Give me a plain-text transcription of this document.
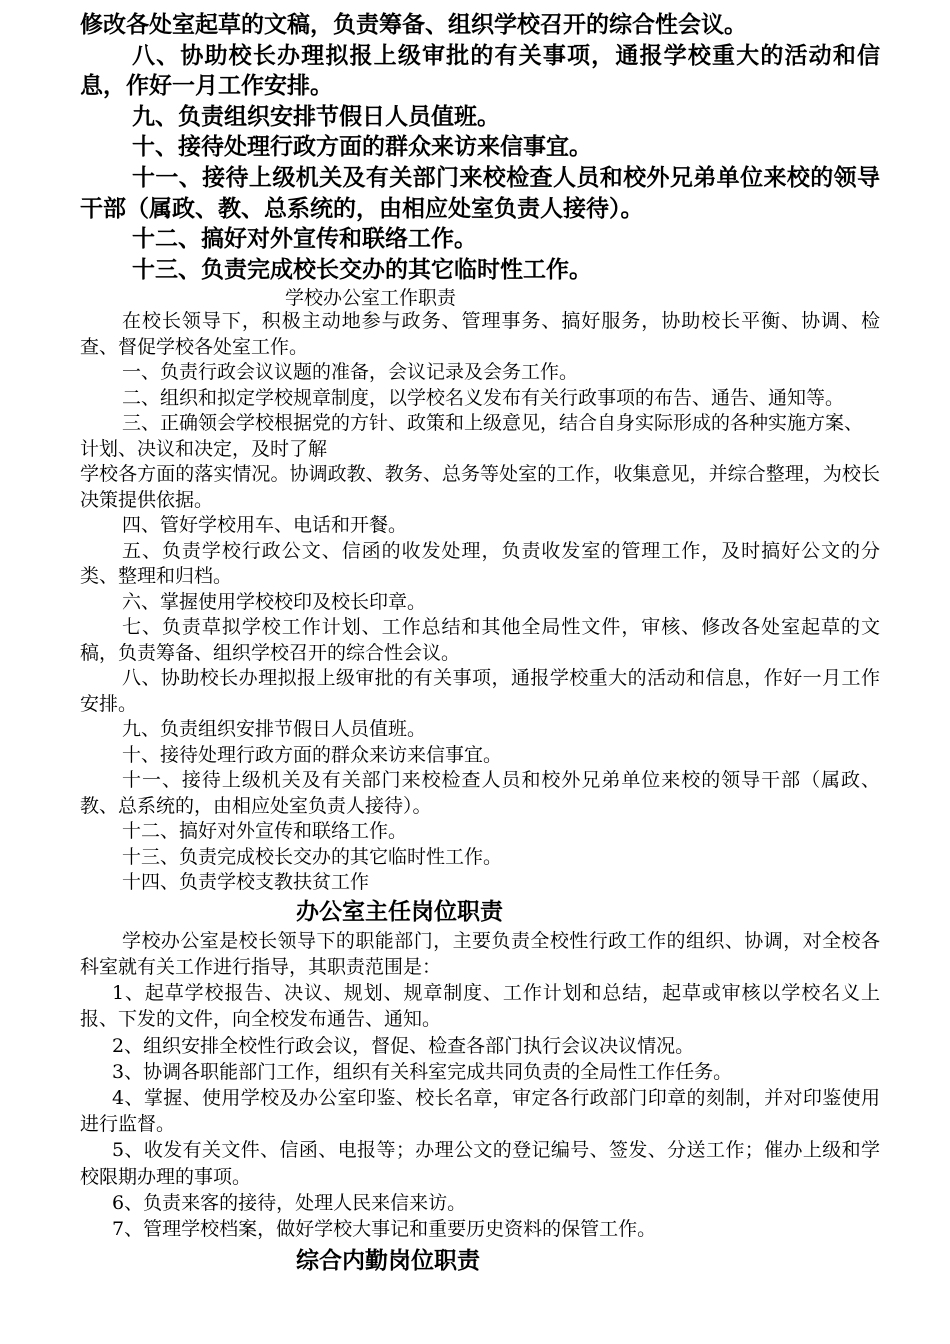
修改各处室起草的文稿，负责筹备、组织学校召开的综合性会议。

八、协助校长办理拟报上级审批的有关事项，通报学校重大的活动和信息，作好一月工作安排。

九、负责组织安排节假日人员值班。

十、接待处理行政方面的群众来访来信事宜。

十一、接待上级机关及有关部门来校检查人员和校外兄弟单位来校的领导干部（属政、教、总系统的，由相应处室负责人接待）。

十二、搞好对外宣传和联络工作。

十三、负责完成校长交办的其它临时性工作。

学校办公室工作职责

在校长领导下，积极主动地参与政务、管理事务、搞好服务，协助校长平衡、协调、检查、督促学校各处室工作。

一、负责行政会议议题的准备，会议记录及会务工作。

二、组织和拟定学校规章制度，以学校名义发布有关行政事项的布告、通告、通知等。

三、正确领会学校根据党的方针、政策和上级意见，结合自身实际形成的各种实施方案、计划、决议和决定，及时了解

学校各方面的落实情况。协调政教、教务、总务等处室的工作，收集意见，并综合整理，为校长决策提供依据。

四、管好学校用车、电话和开餐。

五、负责学校行政公文、信函的收发处理，负责收发室的管理工作，及时搞好公文的分类、整理和归档。

六、掌握使用学校校印及校长印章。

七、负责草拟学校工作计划、工作总结和其他全局性文件，审核、修改各处室起草的文稿，负责筹备、组织学校召开的综合性会议。

八、协助校长办理拟报上级审批的有关事项，通报学校重大的活动和信息，作好一月工作安排。

九、负责组织安排节假日人员值班。

十、接待处理行政方面的群众来访来信事宜。

十一、接待上级机关及有关部门来校检查人员和校外兄弟单位来校的领导干部（属政、教、总系统的，由相应处室负责人接待）。

十二、搞好对外宣传和联络工作。

十三、负责完成校长交办的其它临时性工作。

十四、负责学校支教扶贫工作

办公室主任岗位职责

学校办公室是校长领导下的职能部门，主要负责全校性行政工作的组织、协调，对全校各科室就有关工作进行指导，其职责范围是：

1、起草学校报告、决议、规划、规章制度、工作计划和总结，起草或审核以学校名义上报、下发的文件，向全校发布通告、通知。

2、组织安排全校性行政会议，督促、检查各部门执行会议决议情况。

3、协调各职能部门工作，组织有关科室完成共同负责的全局性工作任务。

4、掌握、使用学校及办公室印鉴、校长名章，审定各行政部门印章的刻制，并对印鉴使用进行监督。

5、收发有关文件、信函、电报等；办理公文的登记编号、签发、分送工作；催办上级和学校限期办理的事项。

6、负责来客的接待，处理人民来信来访。

7、管理学校档案，做好学校大事记和重要历史资料的保管工作。

综合内勤岗位职责
